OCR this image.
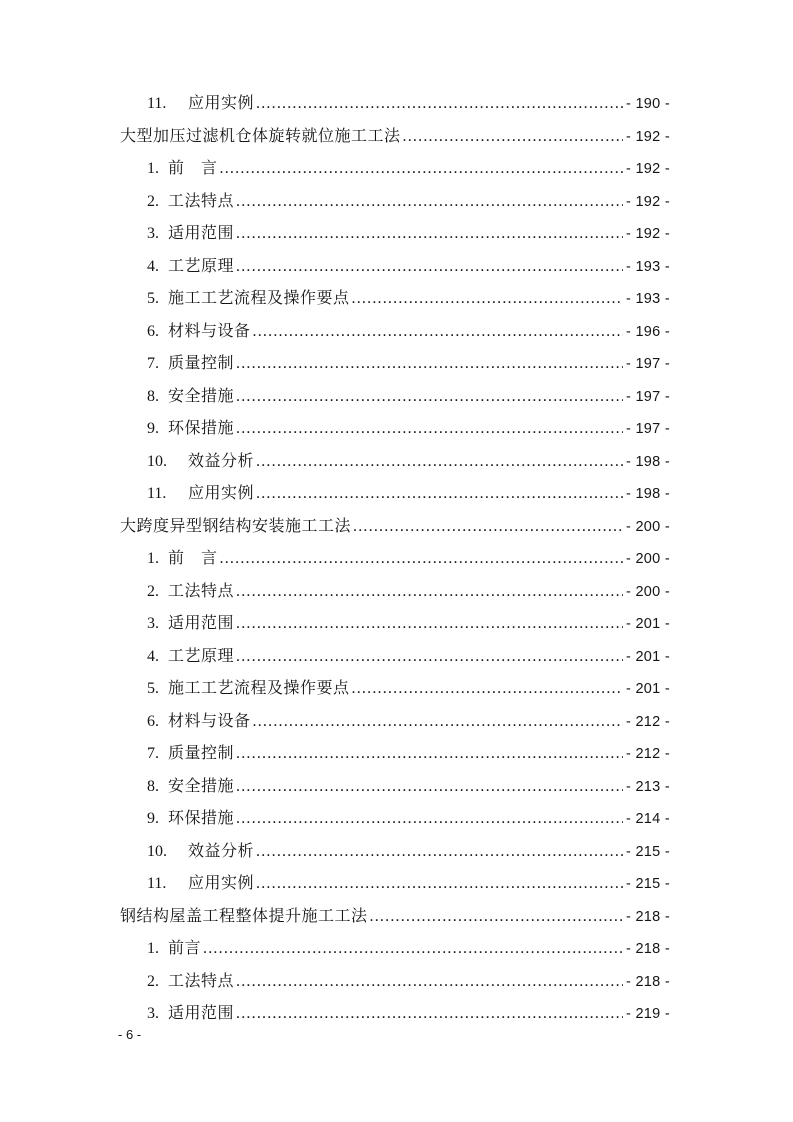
11.	应用实例 .....	- 190 -
大型加压过滤机仓体旋转就位施工工法 .....	- 192 -
1. 前　言 .....	- 192 -
2. 工法特点 .....	- 192 -
3. 适用范围 .....	- 192 -
4. 工艺原理 .....	- 193 -
5. 施工工艺流程及操作要点 .....	- 193 -
6. 材料与设备 .....	- 196 -
7. 质量控制 .....	- 197 -
8. 安全措施 .....	- 197 -
9. 环保措施 .....	- 197 -
10.	效益分析 .....	- 198 -
11.	应用实例 .....	- 198 -
大跨度异型钢结构安装施工工法 .....	- 200 -
1. 前　言 .....	- 200 -
2. 工法特点 .....	- 200 -
3. 适用范围 .....	- 201 -
4. 工艺原理 .....	- 201 -
5. 施工工艺流程及操作要点 .....	- 201 -
6. 材料与设备 .....	- 212 -
7. 质量控制 .....	- 212 -
8. 安全措施 .....	- 213 -
9. 环保措施 .....	- 214 -
10.	效益分析 .....	- 215 -
11.	应用实例 .....	- 215 -
钢结构屋盖工程整体提升施工工法 .....	- 218 -
1. 前言 .....	- 218 -
2. 工法特点 .....	- 218 -
3. 适用范围 .....	- 219 -
- 6 -
